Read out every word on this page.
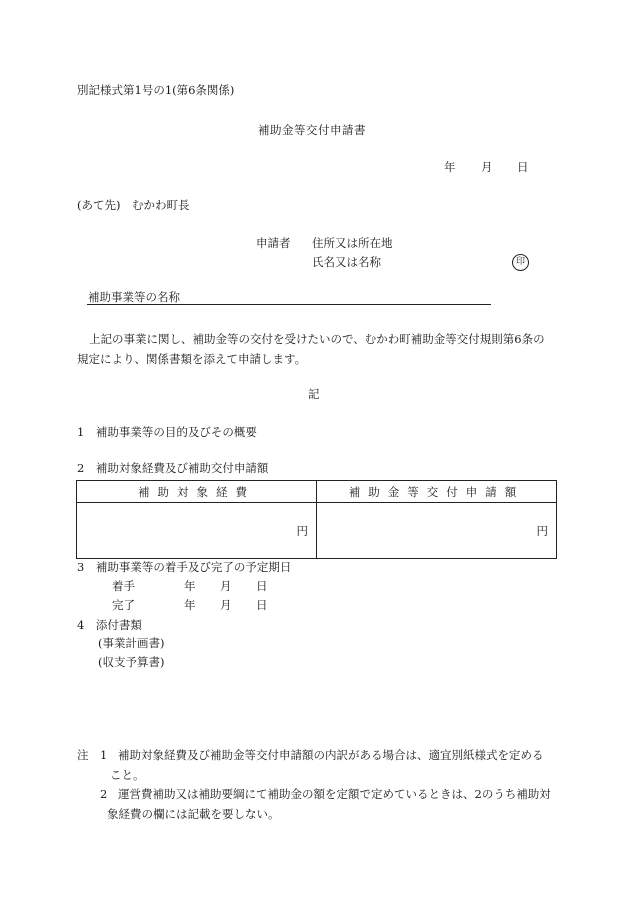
別記様式第1号の1(第6条関係)
補助金等交付申請書
年 月 日
(あて先)　むかわ町長
申請者 住所又は所在地
氏名又は名称	印
補助事業等の名称
上記の事業に関し、補助金等の交付を受けたいので、むかわ町補助金等交付規則第6条の規定により、関係書類を添えて申請します。
記
1　補助事業等の目的及びその概要
2　補助対象経費及び補助交付申請額
補助対象経費	補助金等交付申請額
円	円
3　補助事業等の着手及び完了の予定期日
着手	年 月 日
完了	年 月 日
4　添付書類
(事業計画書)
(収支予算書)
注 1 補助対象経費及び補助金等交付申請額の内訳がある場合は、適宜別紙様式を定めること。
2 運営費補助又は補助要綱にて補助金の額を定額で定めているときは、2のうち補助対象経費の欄には記載を要しない。
